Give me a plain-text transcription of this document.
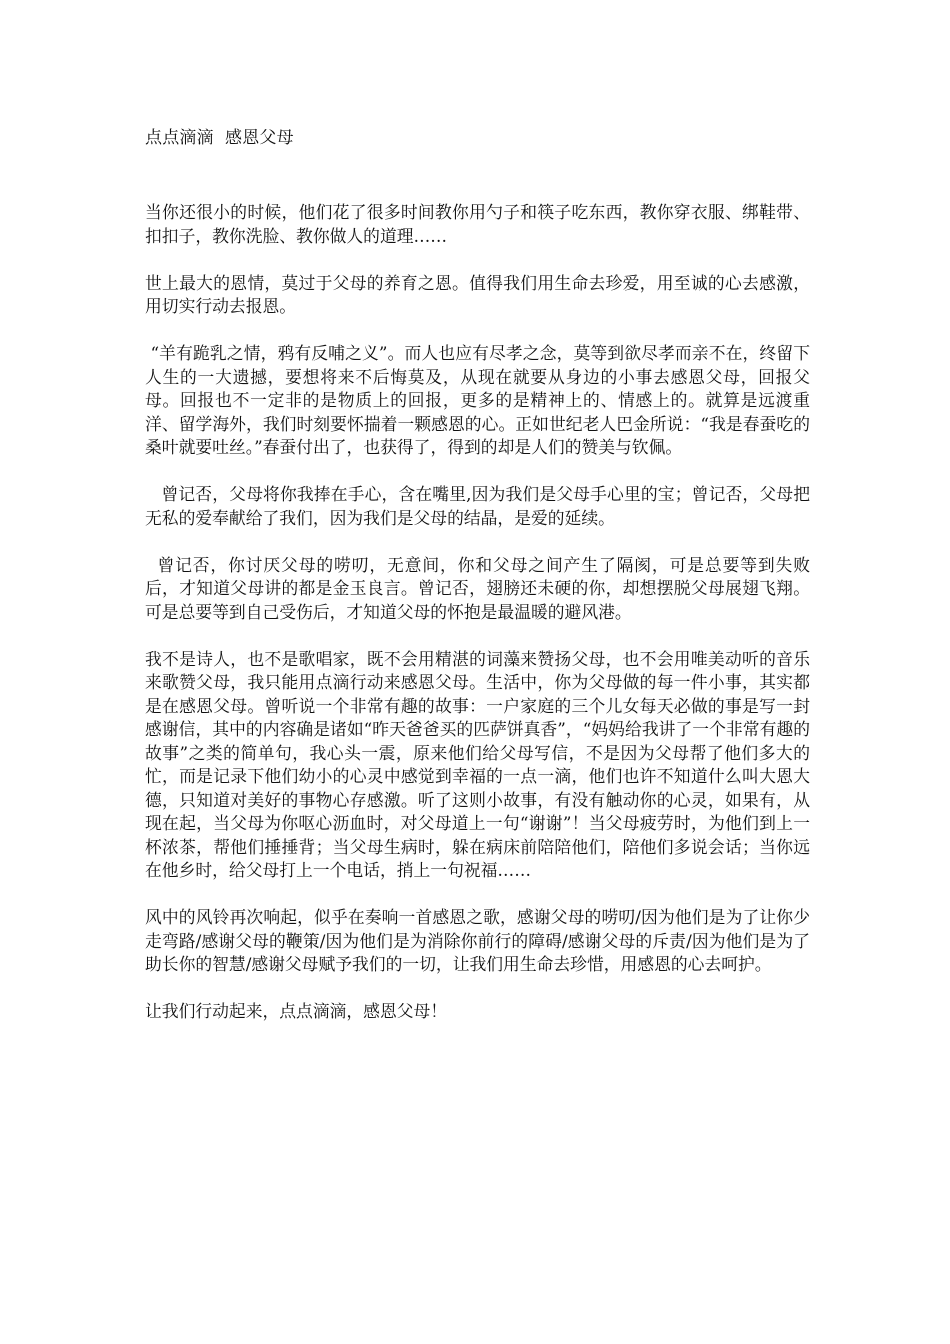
点点滴滴  感恩父母

当你还很小的时候，他们花了很多时间教你用勺子和筷子吃东西，教你穿衣服、绑鞋带、扣扣子，教你洗脸、教你做人的道理……

世上最大的恩情，莫过于父母的养育之恩。值得我们用生命去珍爱，用至诚的心去感激，用切实行动去报恩。

“羊有跪乳之情，鸦有反哺之义”。而人也应有尽孝之念，莫等到欲尽孝而亲不在，终留下人生的一大遗撼，要想将来不后悔莫及，从现在就要从身边的小事去感恩父母，回报父母。回报也不一定非的是物质上的回报，更多的是精神上的、情感上的。就算是远渡重洋、留学海外，我们时刻要怀揣着一颗感恩的心。正如世纪老人巴金所说：“我是春蚕吃的桑叶就要吐丝。”春蚕付出了，也获得了，得到的却是人们的赞美与钦佩。

曾记否，父母将你我捧在手心，含在嘴里,因为我们是父母手心里的宝；曾记否，父母把无私的爱奉献给了我们，因为我们是父母的结晶，是爱的延续。

曾记否，你讨厌父母的唠叨，无意间，你和父母之间产生了隔阂，可是总要等到失败后，才知道父母讲的都是金玉良言。曾记否，翅膀还未硬的你，却想摆脱父母展翅飞翔。可是总要等到自己受伤后，才知道父母的怀抱是最温暖的避风港。

我不是诗人，也不是歌唱家，既不会用精湛的词藻来赞扬父母，也不会用唯美动听的音乐来歌赞父母，我只能用点滴行动来感恩父母。生活中，你为父母做的每一件小事，其实都是在感恩父母。曾听说一个非常有趣的故事：一户家庭的三个儿女每天必做的事是写一封感谢信，其中的内容确是诸如“昨天爸爸买的匹萨饼真香”，“妈妈给我讲了一个非常有趣的故事”之类的简单句，我心头一震，原来他们给父母写信，不是因为父母帮了他们多大的忙，而是记录下他们幼小的心灵中感觉到幸福的一点一滴，他们也许不知道什么叫大恩大德，只知道对美好的事物心存感激。听了这则小故事，有没有触动你的心灵，如果有，从现在起，当父母为你呕心沥血时，对父母道上一句“谢谢”！当父母疲劳时，为他们到上一杯浓茶，帮他们捶捶背；当父母生病时，躲在病床前陪陪他们，陪他们多说会话；当你远在他乡时，给父母打上一个电话，捎上一句祝福……

风中的风铃再次响起，似乎在奏响一首感恩之歌，感谢父母的唠叨/因为他们是为了让你少走弯路/感谢父母的鞭策/因为他们是为消除你前行的障碍/感谢父母的斥责/因为他们是为了助长你的智慧/感谢父母赋予我们的一切，让我们用生命去珍惜，用感恩的心去呵护。

让我们行动起来，点点滴滴，感恩父母！
